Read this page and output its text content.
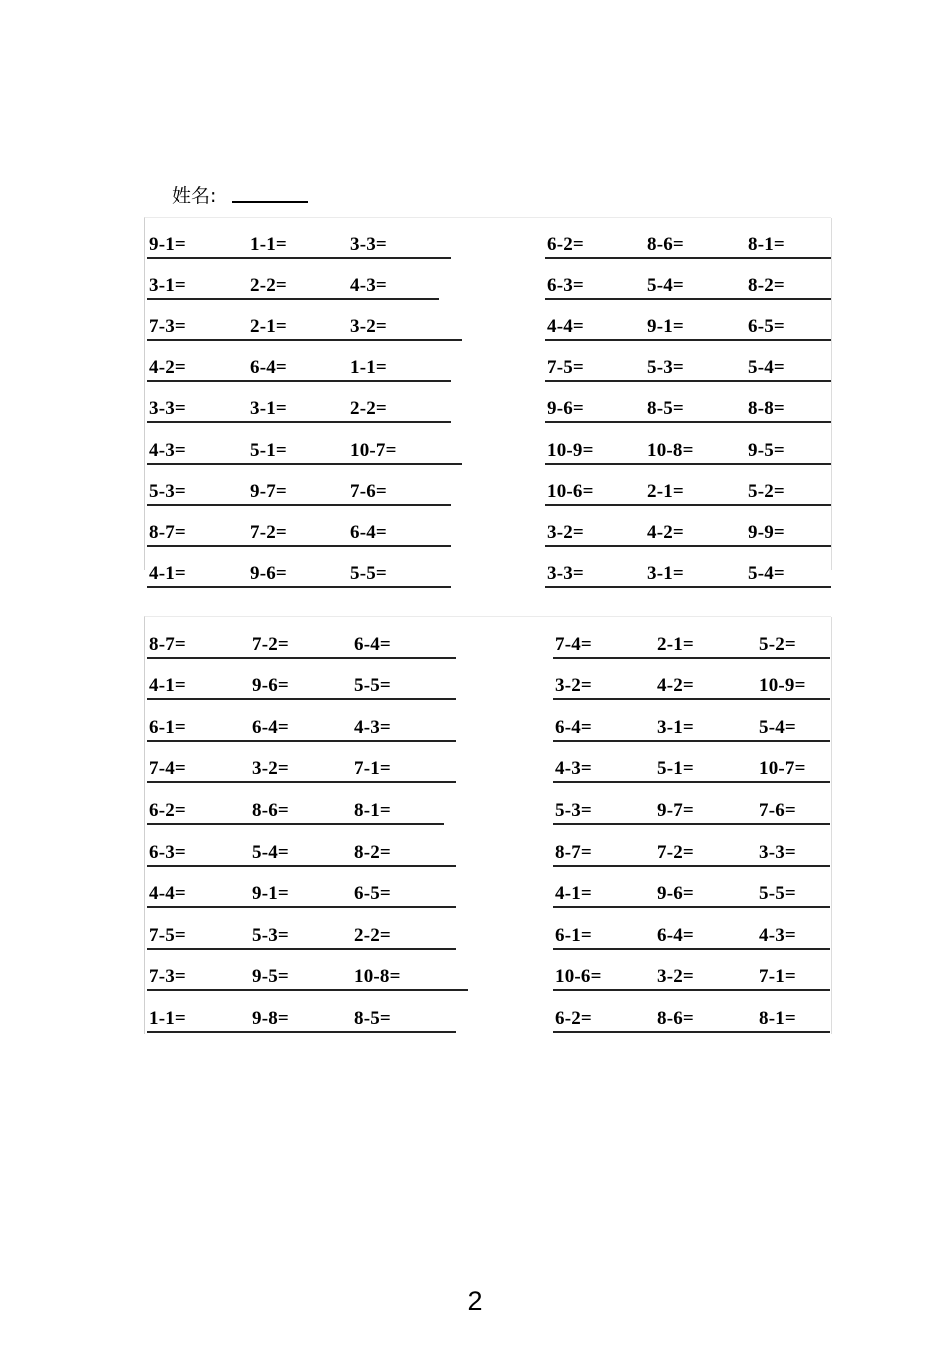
姓名:
9-1=	1-1=	3-3=
3-1=	2-2=	4-3=
7-3=	2-1=	3-2=
4-2=	6-4=	1-1=
3-3=	3-1=	2-2=
4-3=	5-1=	10-7=
5-3=	9-7=	7-6=
8-7=	7-2=	6-4=
4-1=	9-6=	5-5=
6-2=	8-6=	8-1=
6-3=	5-4=	8-2=
4-4=	9-1=	6-5=
7-5=	5-3=	5-4=
9-6=	8-5=	8-8=
10-9=	10-8=	9-5=
10-6=	2-1=	5-2=
3-2=	4-2=	9-9=
3-3=	3-1=	5-4=
8-7=	7-2=	6-4=
4-1=	9-6=	5-5=
6-1=	6-4=	4-3=
7-4=	3-2=	7-1=
6-2=	8-6=	8-1=
6-3=	5-4=	8-2=
4-4=	9-1=	6-5=
7-5=	5-3=	2-2=
7-3=	9-5=	10-8=
1-1=	9-8=	8-5=
7-4=	2-1=	5-2=
3-2=	4-2=	10-9=
6-4=	3-1=	5-4=
4-3=	5-1=	10-7=
5-3=	9-7=	7-6=
8-7=	7-2=	3-3=
4-1=	9-6=	5-5=
6-1=	6-4=	4-3=
10-6=	3-2=	7-1=
6-2=	8-6=	8-1=
2
